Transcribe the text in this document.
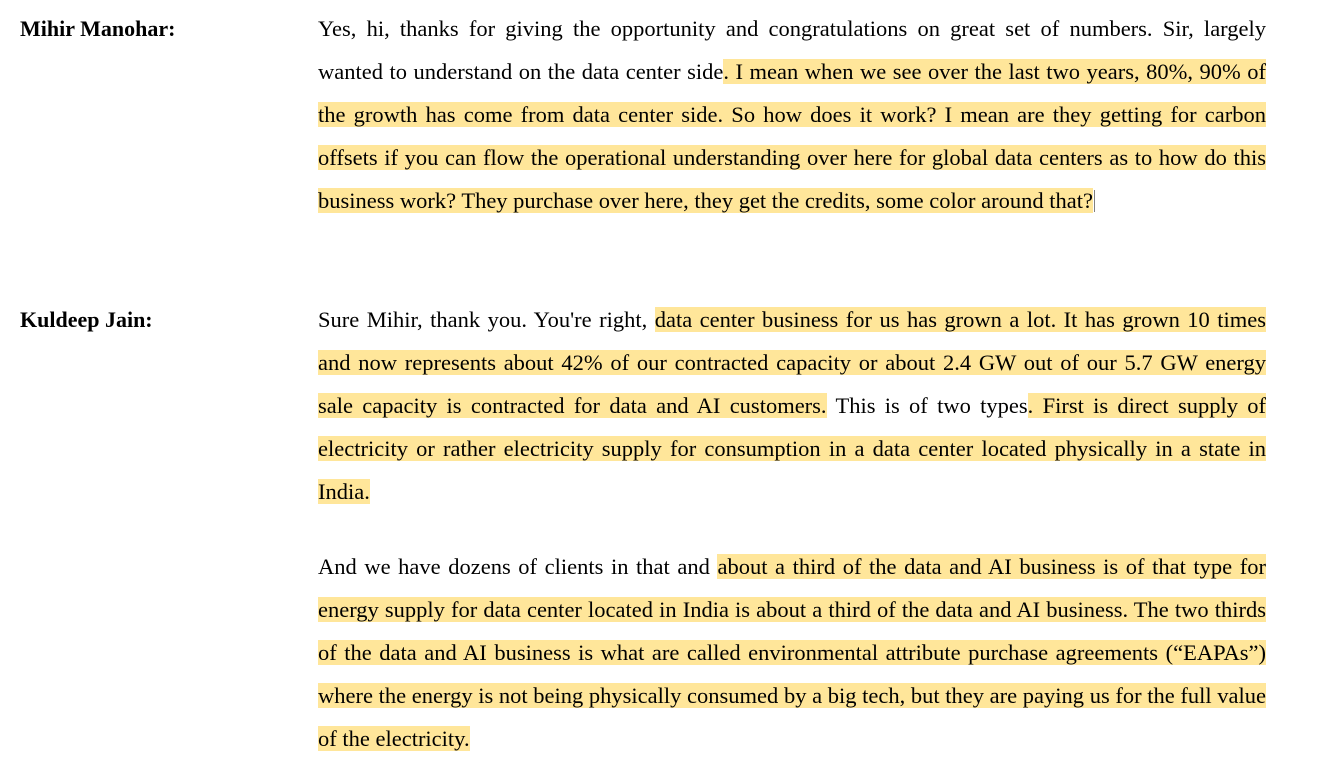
Mihir Manohar:	Yes, hi, thanks for giving the opportunity and congratulations on great set of numbers. Sir, largely wanted to understand on the data center side. I mean when we see over the last two years, 80%, 90% of the growth has come from data center side. So how does it work? I mean are they getting for carbon offsets if you can flow the operational understanding over here for global data centers as to how do this business work? They purchase over here, they get the credits, some color around that?
Kuldeep Jain:	Sure Mihir, thank you. You're right, data center business for us has grown a lot. It has grown 10 times and now represents about 42% of our contracted capacity or about 2.4 GW out of our 5.7 GW energy sale capacity is contracted for data and AI customers. This is of two types. First is direct supply of electricity or rather electricity supply for consumption in a data center located physically in a state in India.
And we have dozens of clients in that and about a third of the data and AI business is of that type for energy supply for data center located in India is about a third of the data and AI business. The two thirds of the data and AI business is what are called environmental attribute purchase agreements (“EAPAs”) where the energy is not being physically consumed by a big tech, but they are paying us for the full value of the electricity.
